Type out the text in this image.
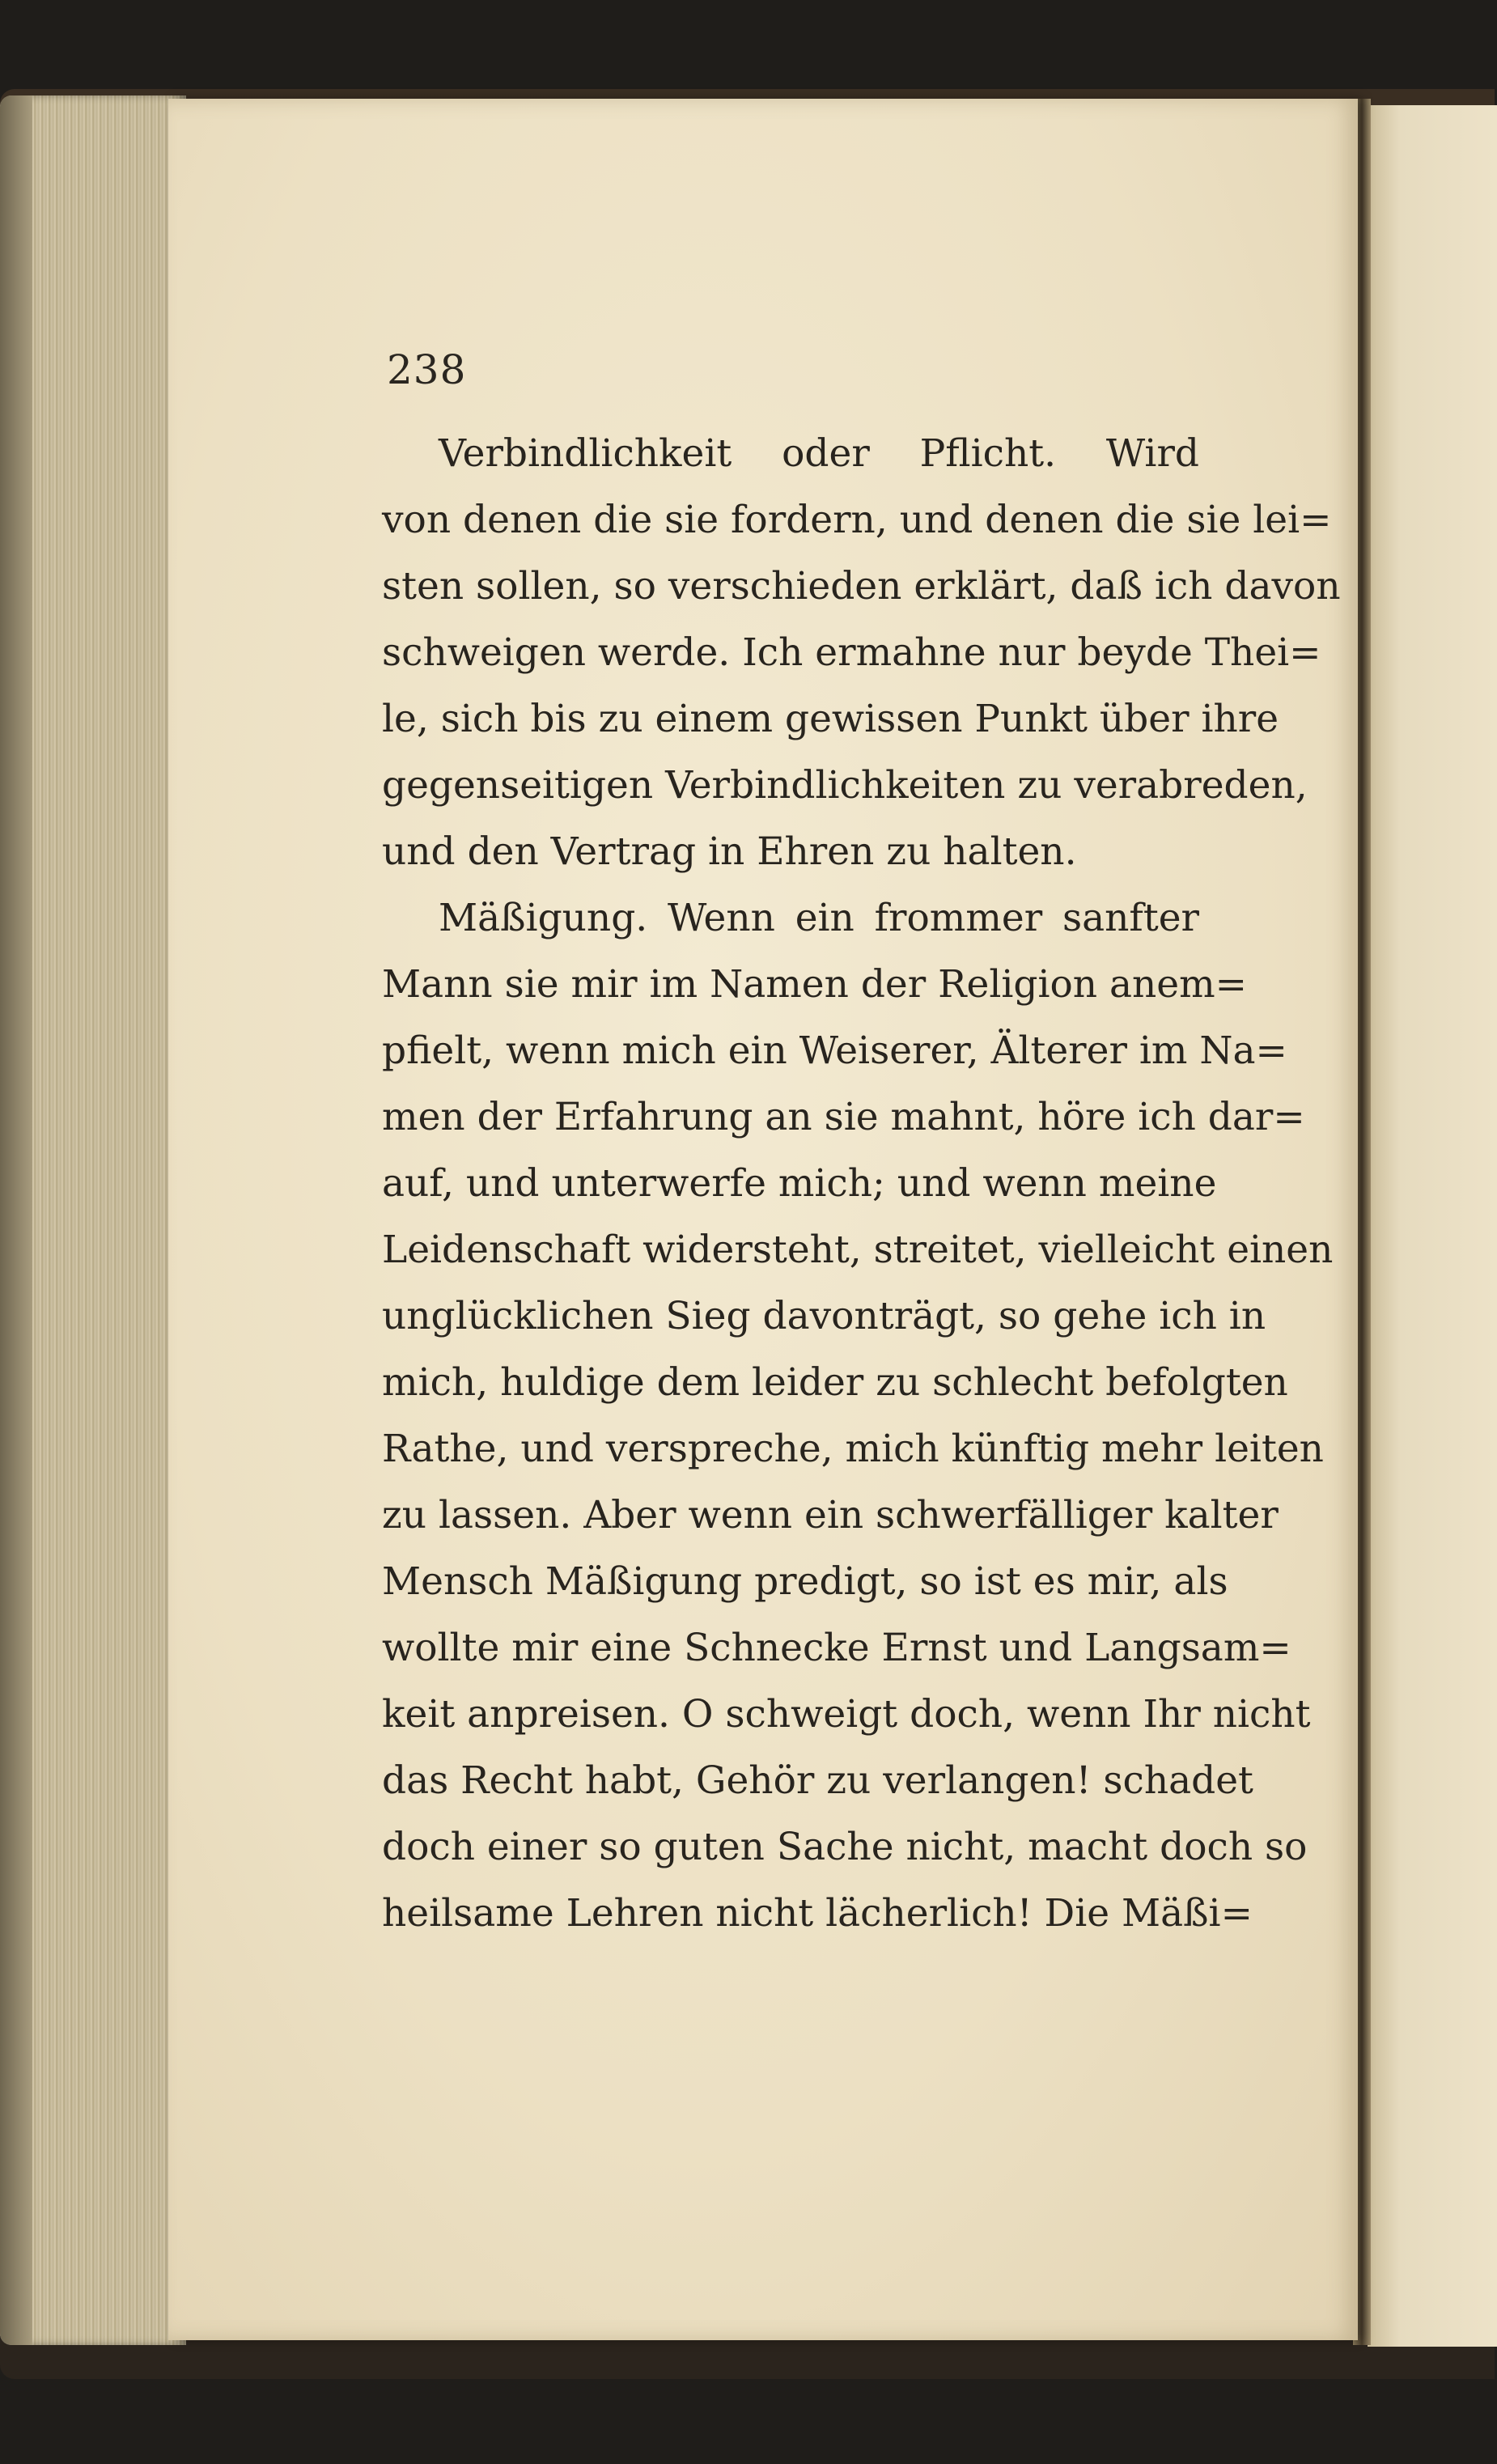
238
Verbindlichkeit oder Pflicht. Wird
von denen die sie fordern, und denen die sie lei=
sten sollen, so verschieden erklärt, daß ich davon
schweigen werde. Ich ermahne nur beyde Thei=
le, sich bis zu einem gewissen Punkt über ihre
gegenseitigen Verbindlichkeiten zu verabreden,
und den Vertrag in Ehren zu halten.
Mäßigung. Wenn ein frommer sanfter
Mann sie mir im Namen der Religion anem=
pfielt, wenn mich ein Weiserer, Älterer im Na=
men der Erfahrung an sie mahnt, höre ich dar=
auf, und unterwerfe mich; und wenn meine
Leidenschaft widersteht, streitet, vielleicht einen
unglücklichen Sieg davonträgt, so gehe ich in
mich, huldige dem leider zu schlecht befolgten
Rathe, und verspreche, mich künftig mehr leiten
zu lassen. Aber wenn ein schwerfälliger kalter
Mensch Mäßigung predigt, so ist es mir, als
wollte mir eine Schnecke Ernst und Langsam=
keit anpreisen. O schweigt doch, wenn Ihr nicht
das Recht habt, Gehör zu verlangen! schadet
doch einer so guten Sache nicht, macht doch so
heilsame Lehren nicht lächerlich! Die Mäßi=
